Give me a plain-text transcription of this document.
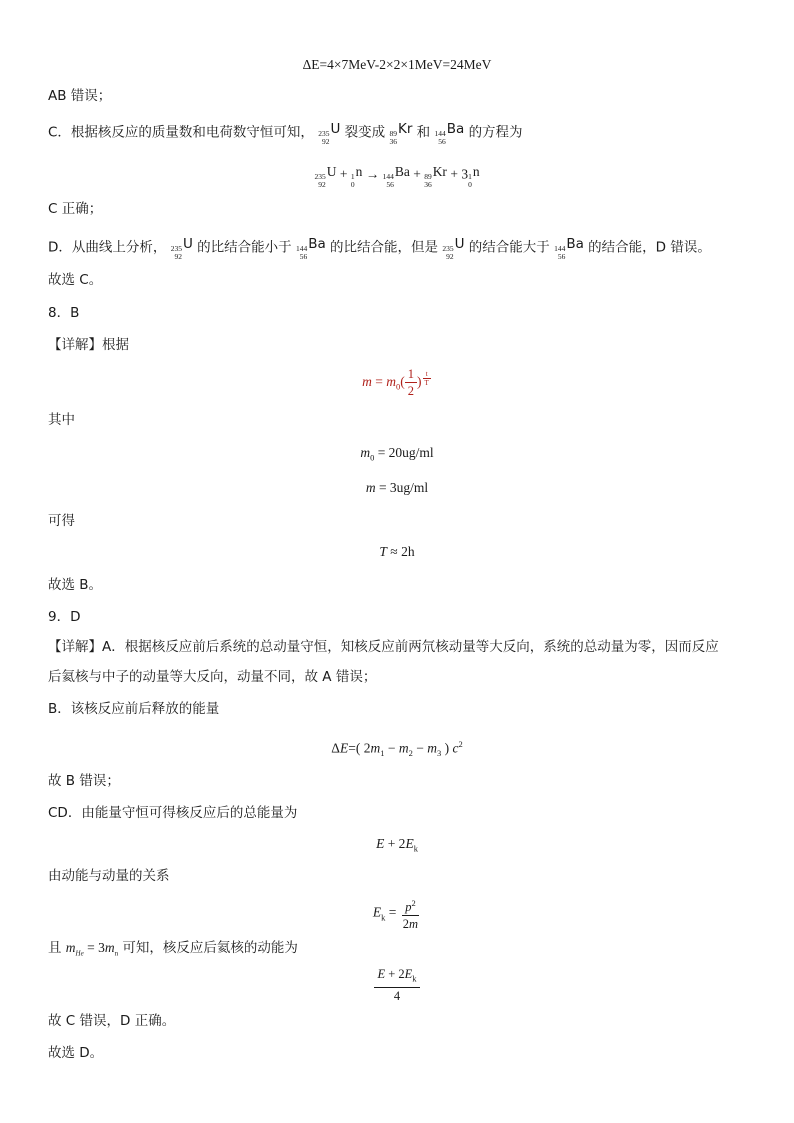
ΔE=4×7MeV-2×2×1MeV=24MeV
AB 错误；
C．根据核反应的质量数和电荷数守恒可知， 235
92
U 裂变成 89
36
Kr 和 144
56
Ba 的方程为
235
92
U + 1
0
n → 144
56
Ba + 89
36
Kr + 3 1
0
n
C 正确；
D．从曲线上分析， 235
92
U 的比结合能小于 144
56
Ba 的比结合能，但是 235
92
U 的结合能大于 144
56
Ba 的结合能，D 错误。
故选 C。
8．B
【详解】根据
$m = m_0( \frac{1}{2}$ ) $^{\frac{t}{T}}$
其中
$m_0 = 20ug/ml$
m = 3ug/ml
可得
T ≈ 2h
故选 B。
9．D
【详解】A．根据核反应前后系统的总动量守恒，知核反应前两氘核动量等大反向，系统的总动量为零，因而反应
后氦核与中子的动量等大反向，动量不同，故 A 错误；
B．该核反应前后释放的能量
ΔE=( $2m_1 - m_2 - m_3$ ) $c^2$
故 B 错误；
CD．由能量守恒可得核反应后的总能量为
$E + 2E_k$
由动能与动量的关系
$E_k = \frac{p^2}{2m}$
且 $m_{He} = 3m_n$ 可知，核反应后氦核的动能为
$\frac{E + 2E_k}{4}$
故 C 错误，D 正确。
故选 D。
